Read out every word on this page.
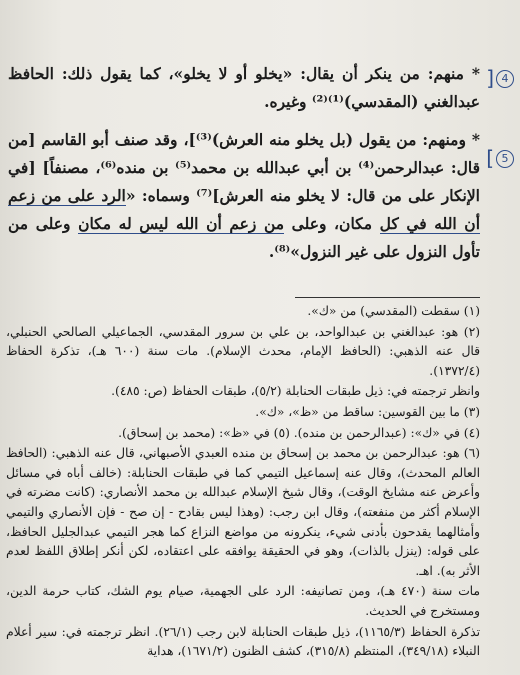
4
]
5
[

* منهم: من ينكر أن يقال: «يخلو أو لا يخلو»، كما يقول ذلك: الحافظ عبدالغني (المقدسي)⁽¹⁾⁽²⁾ وغيره.

* ومنهم: من يقول (بل يخلو منه العرش)⁽³⁾]، وقد صنف أبو القاسم [من قال: عبدالرحمن⁽⁴⁾ بن أبي عبدالله بن محمد⁽⁵⁾ بن منده⁽⁶⁾، مصنفاً] [في الإنكار على من قال: لا يخلو منه العرش]⁽⁷⁾ وسماه: «الرد على من زعم أن الله في كل مكان، وعلى من زعم أن الله ليس له مكان وعلى من تأول النزول على غير النزول»⁽⁸⁾.

(١) سقطت (المقدسي) من «ك».

(٢) هو: عبدالغني بن عبدالواحد، بن علي بن سرور المقدسي، الجماعيلي الصالحي الحنبلي، قال عنه الذهبي: (الحافظ الإمام، محدث الإسلام). مات سنة (٦٠٠ هـ)، تذكرة الحفاظ (١٣٧٢/٤).

وانظر ترجمته في: ذيل طبقات الحنابلة (٥/٢)، طبقات الحفاظ (ص: ٤٨٥).

(٣) ما بين القوسين: ساقط من «ظ»، «ك».

(٤) في «ك»: (عبدالرحمن بن منده). (٥) في «ظ»: (محمد بن إسحاق).

(٦) هو: عبدالرحمن بن محمد بن إسحاق بن منده العبدي الأصبهاني، قال عنه الذهبي: (الحافظ العالم المحدث)، وقال عنه إسماعيل التيمي كما في طبقات الحنابلة: (خالف أباه في مسائل وأعرض عنه مشايخ الوقت)، وقال شيخ الإسلام عبدالله بن محمد الأنصاري: (كانت مضرته في الإسلام أكثر من منفعته)، وقال ابن رجب: (وهذا ليس بقادح - إن صح - فإن الأنصاري والتيمي وأمثالهما يقدحون بأدنى شيء، ينكرونه من مواضع النزاع كما هجر التيمي عبدالجليل الحافظ، على قوله: (ينزل بالذات)، وهو في الحقيقة يوافقه على اعتقاده، لكن أنكر إطلاق اللفظ لعدم الأثر به). اهـ.

مات سنة (٤٧٠ هـ)، ومن تصانيفه: الرد على الجهمية، صيام يوم الشك، كتاب حرمة الدين، ومستخرج في الحديث.

تذكرة الحفاظ (١١٦٥/٣)، ذيل طبقات الحنابلة لابن رجب (٢٦/١). انظر ترجمته في: سير أعلام النبلاء (٣٤٩/١٨)، المنتظم (٣١٥/٨)، كشف الظنون (١٦٧١/٢)، هداية
